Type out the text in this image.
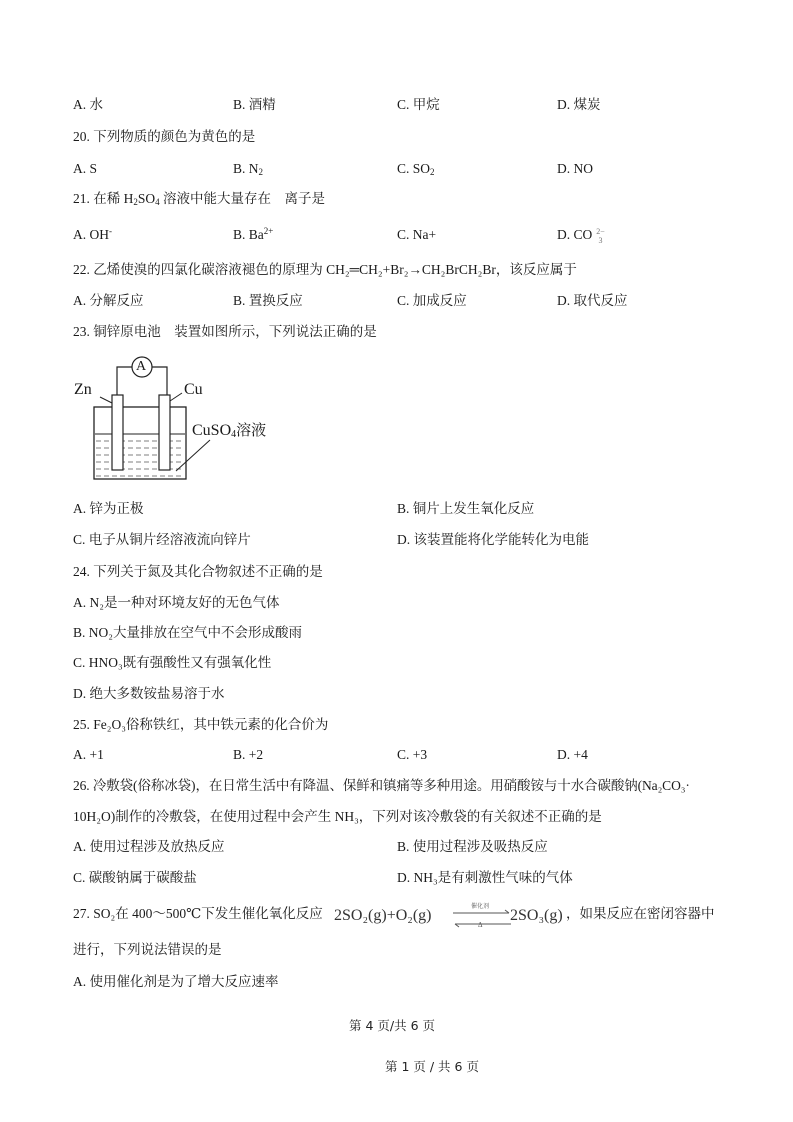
A. 水	B. 酒精	C. 甲烷	D. 煤炭
20. 下列物质的颜色为黄色的是
A. S	B. $N_2$	C. $SO_2$	D. NO
21. 在稀 $H_2SO_4$ 溶液中能大量存在　离子是
A. OH-	B. $Ba^{2+}$	C. Na+	D. CO 2−
3
22. 乙烯使溴的四氯化碳溶液褪色的原理为 CH₂═CH₂+Br₂→CH₂BrCH₂Br，该反应属于
A. 分解反应	B. 置换反应	C. 加成反应	D. 取代反应
23. 铜锌原电池　装置如图所示，下列说法正确的是
A
Zn	Cu
CuSO$_4$溶液
A. 锌为正极	B. 铜片上发生氧化反应
C. 电子从铜片经溶液流向锌片	D. 该装置能将化学能转化为电能
24. 下列关于氮及其化合物叙述不正确的是
A. N₂是一种对环境友好的无色气体
B. NO₂大量排放在空气中不会形成酸雨
C. HNO₃既有强酸性又有强氧化性
D. 绝大多数铵盐易溶于水
25. Fe₂O₃俗称铁红，其中铁元素的化合价为
A. +1	B. +2	C. +3	D. +4
26. 冷敷袋(俗称冰袋)，在日常生活中有降温、保鲜和镇痛等多种用途。用硝酸铵与十水合碳酸钠(Na₂CO₃·
10H₂O)制作的冷敷袋，在使用过程中会产生 NH₃，下列对该冷敷袋的有关叙述不正确的是
A. 使用过程涉及放热反应	B. 使用过程涉及吸热反应
C. 碳酸钠属于碳酸盐	D. NH₃是有刺激性气味的气体
27. SO₂在 400～500℃下发生催化氧化反应 2SO₂(g)+O₂(g)
催化剂
Δ
2SO₃(g) ，如果反应在密闭容器中
进行，下列说法错误的是
A. 使用催化剂是为了增大反应速率
第 4 页/共 6 页
第 1 页 / 共 6 页
